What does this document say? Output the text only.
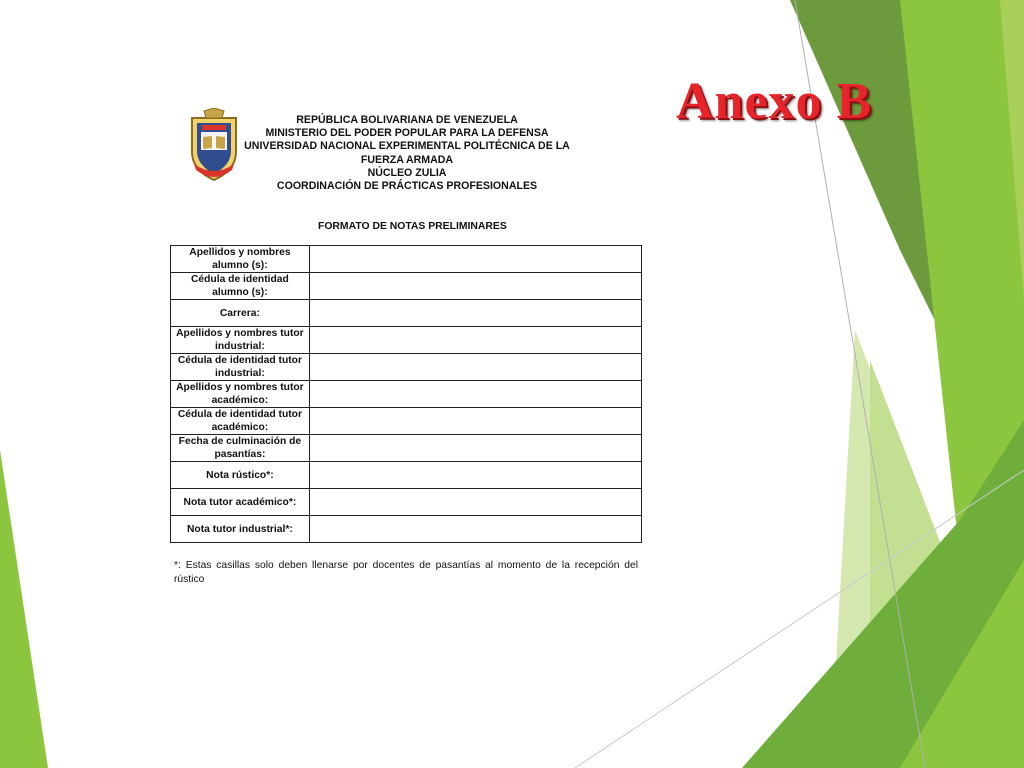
Anexo B
REPÚBLICA BOLIVARIANA DE VENEZUELA
MINISTERIO DEL PODER POPULAR PARA LA DEFENSA
UNIVERSIDAD NACIONAL EXPERIMENTAL POLITÉCNICA DE LA
FUERZA ARMADA
NÚCLEO ZULIA
COORDINACIÓN DE PRÁCTICAS PROFESIONALES
FORMATO DE NOTAS PRELIMINARES
Apellidos y nombres alumno (s):	
Cédula de identidad alumno (s):	
Carrera:	
Apellidos y nombres tutor industrial:	
Cédula de identidad tutor industrial:	
Apellidos y nombres tutor académico:	
Cédula de identidad tutor académico:	
Fecha de culminación de pasantías:	
Nota rústico*:	
Nota tutor académico*:	
Nota tutor industrial*:	
*: Estas casillas solo deben llenarse por docentes de pasantías al momento de la recepción del
rústico
